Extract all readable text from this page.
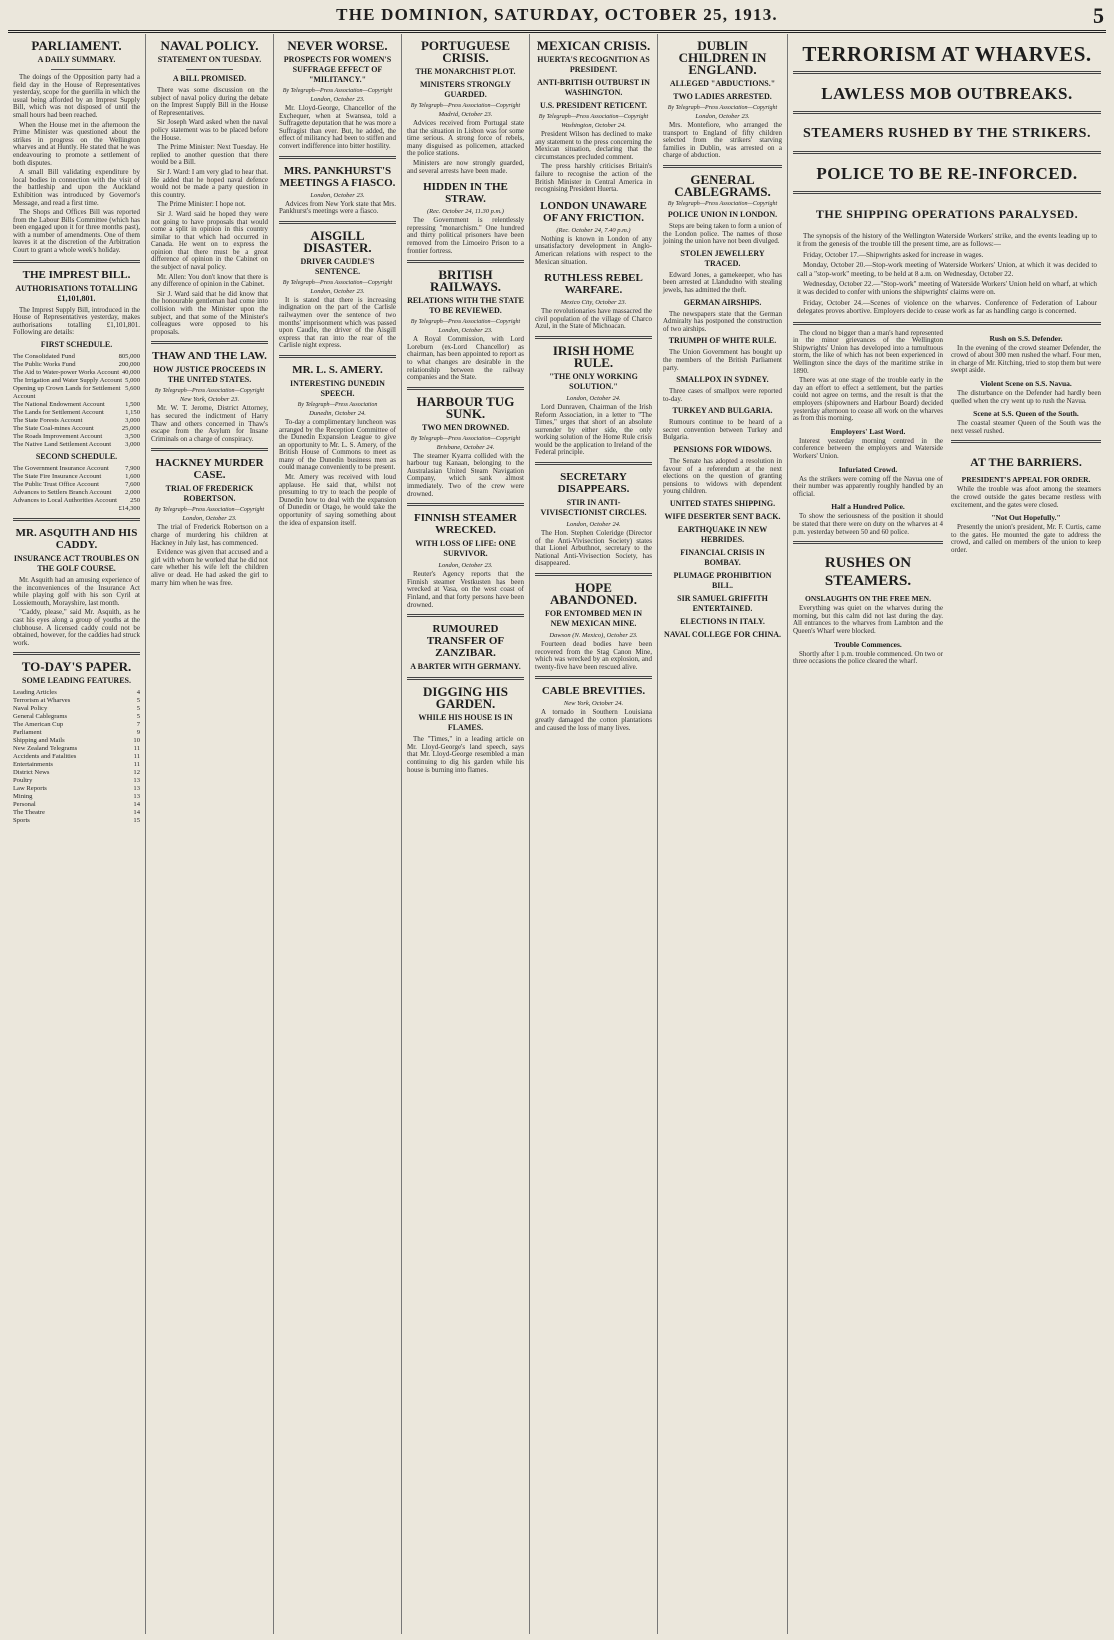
THE DOMINION, SATURDAY, OCTOBER 25, 1913.	5
PARLIAMENT.
A DAILY SUMMARY.

The doings of the Opposition party had a field day in the House of Representatives yesterday, scope for the guerilla in which the usual being afforded by an Imprest Supply Bill, which was not disposed of until the small hours had been reached.

When the House met in the afternoon the Prime Minister was questioned about the strikes in progress on the Wellington wharves and at Huntly. He stated that he was endeavouring to promote a settlement of both disputes.

A small Bill validating expenditure by local bodies in connection with the visit of the battleship and upon the Auckland Exhibition was introduced by Governor's Message, and read a first time.

The Shops and Offices Bill was reported from the Labour Bills Committee (which has been engaged upon it for three months past), with a number of amendments. One of them leaves it at the discretion of the Arbitration Court to grant a whole week's holiday.

THE IMPREST BILL.
AUTHORISATIONS TOTALLING £1,101,801.

The Imprest Supply Bill, introduced in the House of Representatives yesterday, makes authorisations totalling £1,101,801. Following are details:

FIRST SCHEDULE.
The Consolidated Fund	805,000
The Public Works Fund	200,000
The Aid to Water-power Works Account 40,000
The Irrigation and Water Supply Account 5,000
Opening up Crown Lands for Settlement Account
5,600
The National Endowment Account	1,500
The Lands for Settlement Account	1,150
The State Forests Account	3,000
The State Coal-mines Account	25,000
The Roads Improvement Account	3,500
The Native Land Settlement Account 3,000
SECOND SCHEDULE.
The Government Insurance Account 7,900
The State Fire Insurance Account	1,600
The Public Trust Office Account	7,600
Advances to Settlers Branch Account 2,000
Advances to Local Authorities Account 250
£14,300
MR. ASQUITH AND HIS CADDY.
INSURANCE ACT TROUBLES ON THE GOLF COURSE.

Mr. Asquith had an amusing experience of the inconveniences of the Insurance Act while playing golf with his son Cyril at Lossiemouth, Morayshire, last month.

"Caddy, please," said Mr. Asquith, as he cast his eyes along a group of youths at the clubhouse. A licensed caddy could not be obtained, however, for the caddies had struck work.

TO-DAY'S PAPER.
SOME LEADING FEATURES.
Leading Articles	4
Terrorism at Wharves	5
Naval Policy	5
General Cablegrams	5
The American Cup	7
Parliament	9
Shipping and Mails	10
New Zealand Telegrams	11
Accidents and Fatalities	11
Entertainments	11
District News	12
Poultry	13
Law Reports	13
Mining	13
Personal	14
The Theatre	14
Sports	15
NAVAL POLICY.
STATEMENT ON TUESDAY.
A BILL PROMISED.

There was some discussion on the subject of naval policy during the debate on the Imprest Supply Bill in the House of Representatives.

Sir Joseph Ward asked when the naval policy statement was to be placed before the House.

The Prime Minister: Next Tuesday. He replied to another question that there would be a Bill.

Sir J. Ward: I am very glad to hear that. He added that he hoped naval defence would not be made a party question in this country.

The Prime Minister: I hope not.

Sir J. Ward said he hoped they were not going to have proposals that would come a split in opinion in this country similar to that which had occurred in Canada. He went on to express the opinion that there must be a great difference of opinion in the Cabinet on the subject of naval policy.

Mr. Allen: You don't know that there is any difference of opinion in the Cabinet.

Sir J. Ward said that he did know that the honourable gentleman had come into collision with the Minister upon the subject, and that some of the Minister's colleagues were opposed to his proposals.

THAW AND THE LAW.
HOW JUSTICE PROCEEDS IN THE UNITED STATES.
By Telegraph—Press Association—Copyright
New York, October 23.

Mr. W. T. Jerome, District Attorney, has secured the indictment of Harry Thaw and others concerned in Thaw's escape from the Asylum for Insane Criminals on a charge of conspiracy.

HACKNEY MURDER CASE.
TRIAL OF FREDERICK ROBERTSON.
By Telegraph—Press Association—Copyright
London, October 23.

The trial of Frederick Robertson on a charge of murdering his children at Hackney in July last, has commenced.

Evidence was given that accused and a girl with whom he worked that he did not care whether his wife left the children alive or dead. He had asked the girl to marry him when he was free.

NEVER WORSE.
PROSPECTS FOR WOMEN'S SUFFRAGE EFFECT OF "MILITANCY."
By Telegraph—Press Association—Copyright
London, October 23.

Mr. Lloyd-George, Chancellor of the Exchequer, when at Swansea, told a Suffragette deputation that he was more a Suffragist than ever. But, he added, the effect of militancy had been to stiffen and convert indifference into bitter hostility.

MRS. PANKHURST'S MEETINGS A FIASCO.
London, October 23.

Advices from New York state that Mrs. Pankhurst's meetings were a fiasco.

AISGILL DISASTER.
DRIVER CAUDLE'S SENTENCE.
By Telegraph—Press Association—Copyright
London, October 23.

It is stated that there is increasing indignation on the part of the Carlisle railwaymen over the sentence of two months' imprisonment which was passed upon Caudle, the driver of the Aisgill express that ran into the rear of the Carlisle night express.

MR. L. S. AMERY.
INTERESTING DUNEDIN SPEECH.
By Telegraph—Press Association
Dunedin, October 24.

To-day a complimentary luncheon was arranged by the Reception Committee of the Dunedin Expansion League to give an opportunity to Mr. L. S. Amery, of the British House of Commons to meet as many of the Dunedin business men as could manage conveniently to be present.

Mr. Amery was received with loud applause. He said that, whilst not presuming to try to teach the people of Dunedin how to deal with the expansion of Dunedin or Otago, he would take the opportunity of saying something about the idea of expansion itself.

PORTUGUESE CRISIS.
THE MONARCHIST PLOT.
MINISTERS STRONGLY GUARDED.
By Telegraph—Press Association—Copyright
Madrid, October 23.

Advices received from Portugal state that the situation in Lisbon was for some time serious. A strong force of rebels, many disguised as policemen, attacked the police stations.

Ministers are now strongly guarded, and several arrests have been made.

HIDDEN IN THE STRAW.
(Rec. October 24, 11.30 p.m.)

The Government is relentlessly repressing "monarchism." One hundred and thirty political prisoners have been removed from the Limoeiro Prison to a frontier fortress.

BRITISH RAILWAYS.
RELATIONS WITH THE STATE TO BE REVIEWED.
By Telegraph—Press Association—Copyright
London, October 23.

A Royal Commission, with Lord Loreburn (ex-Lord Chancellor) as chairman, has been appointed to report as to what changes are desirable in the relationship between the railway companies and the State.

HARBOUR TUG SUNK.
TWO MEN DROWNED.
By Telegraph—Press Association—Copyright
Brisbane, October 24.

The steamer Kyarra collided with the harbour tug Kanaan, belonging to the Australasian United Steam Navigation Company, which sank almost immediately. Two of the crew were drowned.

FINNISH STEAMER WRECKED.
WITH LOSS OF LIFE: ONE SURVIVOR.
London, October 23.

Reuter's Agency reports that the Finnish steamer Vestkusten has been wrecked at Vasa, on the west coast of Finland, and that forty persons have been drowned.

RUMOURED TRANSFER OF ZANZIBAR.
A BARTER WITH GERMANY.
DIGGING HIS GARDEN.
WHILE HIS HOUSE IS IN FLAMES.

The "Times," in a leading article on Mr. Lloyd-George's land speech, says that Mr. Lloyd-George resembled a man continuing to dig his garden while his house is burning into flames.

MEXICAN CRISIS.
HUERTA'S RECOGNITION AS PRESIDENT.
ANTI-BRITISH OUTBURST IN WASHINGTON.
U.S. PRESIDENT RETICENT.
By Telegraph—Press Association—Copyright
Washington, October 24.

President Wilson has declined to make any statement to the press concerning the Mexican situation, declaring that the circumstances precluded comment.

The press harshly criticises Britain's failure to recognise the action of the British Minister in Central America in recognising President Huerta.

LONDON UNAWARE OF ANY FRICTION.
(Rec. October 24, 7.40 p.m.)

Nothing is known in London of any unsatisfactory development in Anglo-American relations with respect to the Mexican situation.

RUTHLESS REBEL WARFARE.
Mexico City, October 23.

The revolutionaries have massacred the civil population of the village of Charco Azul, in the State of Michoacan.

IRISH HOME RULE.
"THE ONLY WORKING SOLUTION."
London, October 24.

Lord Dunraven, Chairman of the Irish Reform Association, in a letter to "The Times," urges that short of an absolute surrender by either side, the only working solution of the Home Rule crisis would be the application to Ireland of the Federal principle.

SECRETARY DISAPPEARS.
STIR IN ANTI-VIVISECTIONIST CIRCLES.
London, October 24.

The Hon. Stephen Coleridge (Director of the Anti-Vivisection Society) states that Lionel Arbuthnot, secretary to the National Anti-Vivisection Society, has disappeared.

HOPE ABANDONED.
FOR ENTOMBED MEN IN NEW MEXICAN MINE.
Dawson (N. Mexico), October 23.

Fourteen dead bodies have been recovered from the Stag Canon Mine, which was wrecked by an explosion, and twenty-five have been rescued alive.

CABLE BREVITIES.
New York, October 24.

A tornado in Southern Louisiana greatly damaged the cotton plantations and caused the loss of many lives.

DUBLIN CHILDREN IN ENGLAND.
ALLEGED "ABDUCTIONS."
TWO LADIES ARRESTED.
By Telegraph—Press Association—Copyright
London, October 23.

Mrs. Montefiore, who arranged the transport to England of fifty children selected from the strikers' starving families in Dublin, was arrested on a charge of abduction.

GENERAL CABLEGRAMS.
By Telegraph—Press Association—Copyright
POLICE UNION IN LONDON.

Steps are being taken to form a union of the London police. The names of those joining the union have not been divulged.

STOLEN JEWELLERY TRACED.

Edward Jones, a gamekeeper, who has been arrested at Llandudno with stealing jewels, has admitted the theft.

GERMAN AIRSHIPS.

The newspapers state that the German Admiralty has postponed the construction of two airships.

TRIUMPH OF WHITE RULE.

The Union Government has bought up the members of the British Parliament party.

SMALLPOX IN SYDNEY.

Three cases of smallpox were reported to-day.

TURKEY AND BULGARIA.

Rumours continue to be heard of a secret convention between Turkey and Bulgaria.

PENSIONS FOR WIDOWS.

The Senate has adopted a resolution in favour of a referendum at the next elections on the question of granting pensions to widows with dependent young children.

UNITED STATES SHIPPING.
WIFE DESERTER SENT BACK.
EARTHQUAKE IN NEW HEBRIDES.
FINANCIAL CRISIS IN BOMBAY.
PLUMAGE PROHIBITION BILL.
SIR SAMUEL GRIFFITH ENTERTAINED.
ELECTIONS IN ITALY.
NAVAL COLLEGE FOR CHINA.
TERRORISM AT WHARVES.
LAWLESS MOB OUTBREAKS.
STEAMERS RUSHED BY THE STRIKERS.
POLICE TO BE RE-INFORCED.
THE SHIPPING OPERATIONS PARALYSED.

The synopsis of the history of the Wellington Waterside Workers' strike, and the events leading up to it from the genesis of the trouble till the present time, are as follows:—

Friday, October 17.—Shipwrights asked for increase in wages.

Monday, October 20.—Stop-work meeting of Waterside Workers' Union, at which it was decided to call a "stop-work" meeting, to be held at 8 a.m. on Wednesday, October 22.

Wednesday, October 22.—"Stop-work" meeting of Waterside Workers' Union held on wharf, at which it was decided to confer with unions the shipwrights' claims were on.

Friday, October 24.—Scenes of violence on the wharves. Conference of Federation of Labour delegates proves abortive. Employers decide to cease work as far as handling cargo is concerned.

The cloud no bigger than a man's hand represented in the minor grievances of the Wellington Shipwrights' Union has developed into a tumultuous storm, the like of which has not been experienced in Wellington since the days of the maritime strike in 1890.

There was at one stage of the trouble early in the day an effort to effect a settlement, but the parties could not agree on terms, and the result is that the employers (shipowners and Harbour Board) decided yesterday afternoon to cease all work on the wharves as from this morning.

Employers' Last Word.

Interest yesterday morning centred in the conference between the employers and Waterside Workers' Union.

Infuriated Crowd.

As the strikers were coming off the Navua one of their number was apparently roughly handled by an official.

Half a Hundred Police.

To show the seriousness of the position it should be stated that there were on duty on the wharves at 4 p.m. yesterday between 50 and 60 police.

RUSHES ON STEAMERS.
ONSLAUGHTS ON THE FREE MEN.

Everything was quiet on the wharves during the morning, but this calm did not last during the day. All entrances to the wharves from Lambton and the Queen's Wharf were blocked.

Trouble Commences.

Shortly after 1 p.m. trouble commenced. On two or three occasions the police cleared the wharf.

Rush on S.S. Defender.

In the evening of the crowd steamer Defender, the crowd of about 300 men rushed the wharf. Four men, in charge of Mr. Kitching, tried to stop them but were swept aside.

Violent Scene on S.S. Navua.

The disturbance on the Defender had hardly been quelled when the cry went up to rush the Navua.

Scene at S.S. Queen of the South.

The coastal steamer Queen of the South was the next vessel rushed.

AT THE BARRIERS.
PRESIDENT'S APPEAL FOR ORDER.

While the trouble was afoot among the steamers the crowd outside the gates became restless with excitement, and the gates were closed.

"Not Out Hopefully."

Presently the union's president, Mr. F. Curtis, came to the gates. He mounted the gate to address the crowd, and called on members of the union to keep order.
